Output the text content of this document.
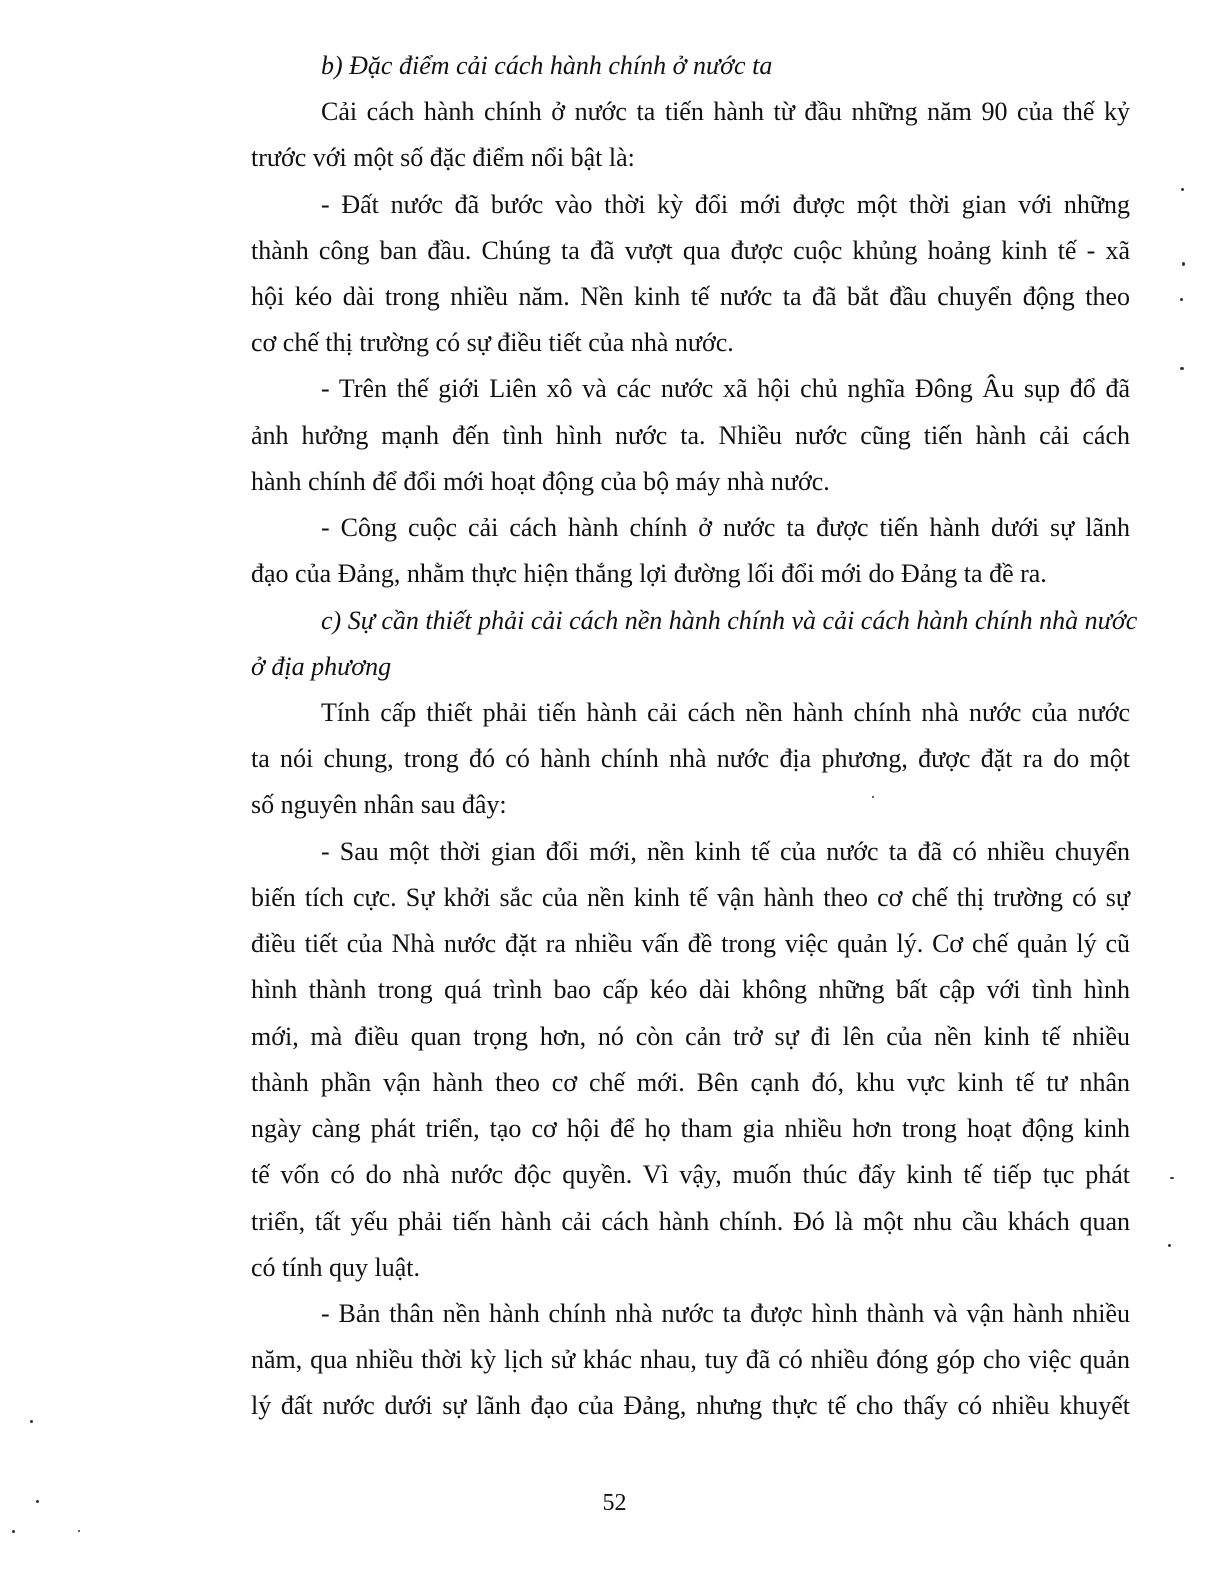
b) Đặc điểm cải cách hành chính ở nước ta
Cải cách hành chính ở nước ta tiến hành từ đầu những năm 90 của thế kỷ
trước với một số đặc điểm nổi bật là:
- Đất nước đã bước vào thời kỳ đổi mới được một thời gian với những
thành công ban đầu. Chúng ta đã vượt qua được cuộc khủng hoảng kinh tế - xã
hội kéo dài trong nhiều năm. Nền kinh tế nước ta đã bắt đầu chuyển động theo
cơ chế thị trường có sự điều tiết của nhà nước.
- Trên thế giới Liên xô và các nước xã hội chủ nghĩa Đông Âu sụp đổ đã
ảnh hưởng mạnh đến tình hình nước ta. Nhiều nước cũng tiến hành cải cách
hành chính để đổi mới hoạt động của bộ máy nhà nước.
- Công cuộc cải cách hành chính ở nước ta được tiến hành dưới sự lãnh
đạo của Đảng, nhằm thực hiện thắng lợi đường lối đổi mới do Đảng ta đề ra.
c) Sự cần thiết phải cải cách nền hành chính và cải cách hành chính nhà nước
ở địa phương
Tính cấp thiết phải tiến hành cải cách nền hành chính nhà nước của nước
ta nói chung, trong đó có hành chính nhà nước địa phương, được đặt ra do một
số nguyên nhân sau đây:
- Sau một thời gian đổi mới, nền kinh tế của nước ta đã có nhiều chuyển
biến tích cực. Sự khởi sắc của nền kinh tế vận hành theo cơ chế thị trường có sự
điều tiết của Nhà nước đặt ra nhiều vấn đề trong việc quản lý. Cơ chế quản lý cũ
hình thành trong quá trình bao cấp kéo dài không những bất cập với tình hình
mới, mà điều quan trọng hơn, nó còn cản trở sự đi lên của nền kinh tế nhiều
thành phần vận hành theo cơ chế mới. Bên cạnh đó, khu vực kinh tế tư nhân
ngày càng phát triển, tạo cơ hội để họ tham gia nhiều hơn trong hoạt động kinh
tế vốn có do nhà nước độc quyền. Vì vậy, muốn thúc đẩy kinh tế tiếp tục phát
triển, tất yếu phải tiến hành cải cách hành chính. Đó là một nhu cầu khách quan
có tính quy luật.
- Bản thân nền hành chính nhà nước ta được hình thành và vận hành nhiều
năm, qua nhiều thời kỳ lịch sử khác nhau, tuy đã có nhiều đóng góp cho việc quản
lý đất nước dưới sự lãnh đạo của Đảng, nhưng thực tế cho thấy có nhiều khuyết
52
